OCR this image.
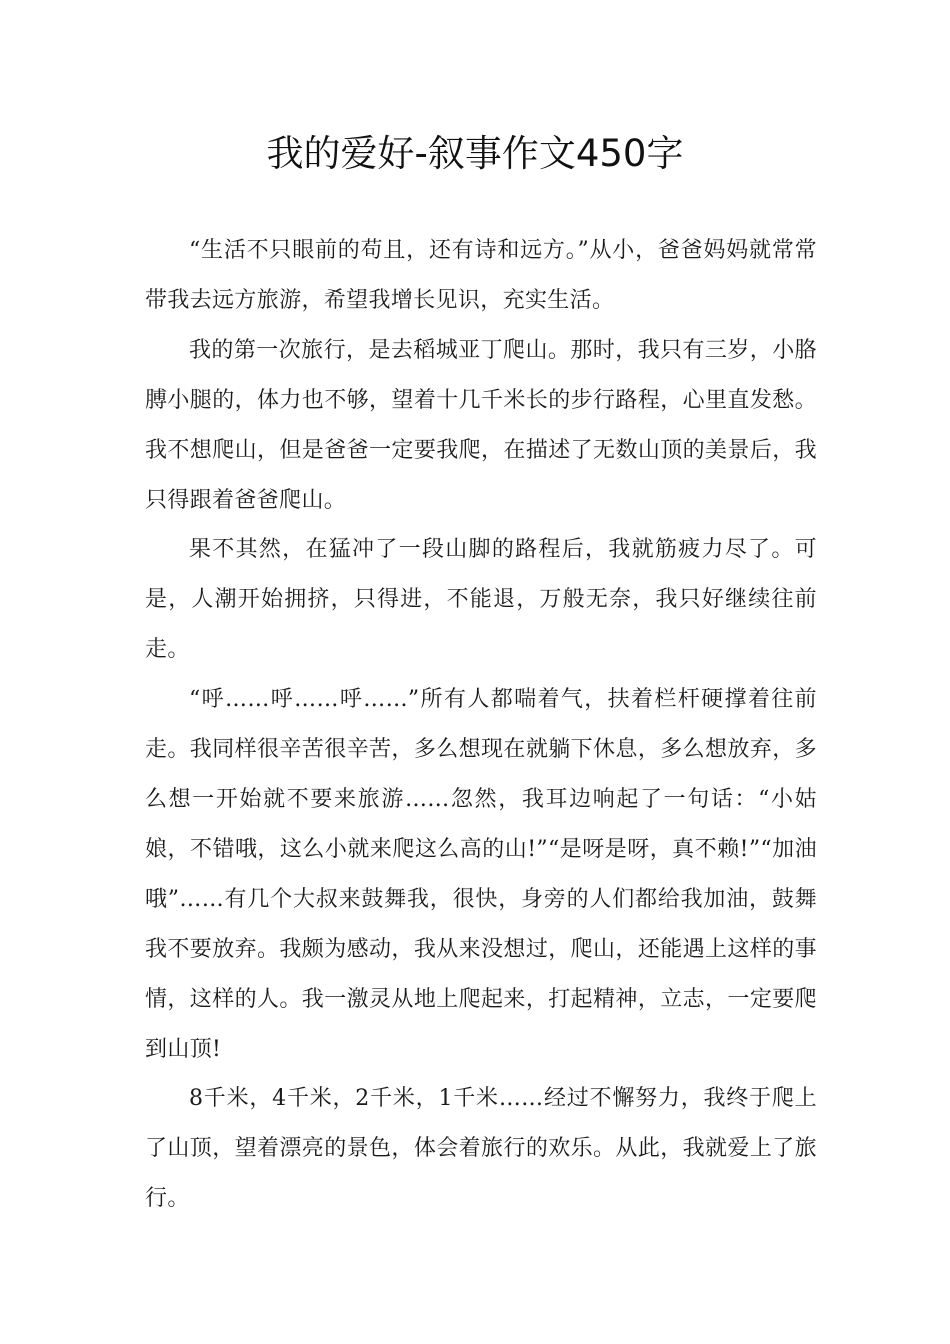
我的爱好-叙事作文450字

“生活不只眼前的苟且，还有诗和远方。”从小，爸爸妈妈就常常带我去远方旅游，希望我增长见识，充实生活。

我的第一次旅行，是去稻城亚丁爬山。那时，我只有三岁，小胳膊小腿的，体力也不够，望着十几千米长的步行路程，心里直发愁。我不想爬山，但是爸爸一定要我爬，在描述了无数山顶的美景后，我只得跟着爸爸爬山。

果不其然，在猛冲了一段山脚的路程后，我就筋疲力尽了。可是，人潮开始拥挤，只得进，不能退，万般无奈，我只好继续往前走。

“呼……呼……呼……”所有人都喘着气，扶着栏杆硬撑着往前走。我同样很辛苦很辛苦，多么想现在就躺下休息，多么想放弃，多么想一开始就不要来旅游……忽然，我耳边响起了一句话：“小姑娘，不错哦，这么小就来爬这么高的山!”“是呀是呀，真不赖!”“加油哦”……有几个大叔来鼓舞我，很快，身旁的人们都给我加油，鼓舞我不要放弃。我颇为感动，我从来没想过，爬山，还能遇上这样的事情，这样的人。我一激灵从地上爬起来，打起精神，立志，一定要爬到山顶!

8千米，4千米，2千米，1千米……经过不懈努力，我终于爬上了山顶，望着漂亮的景色，体会着旅行的欢乐。从此，我就爱上了旅行。
